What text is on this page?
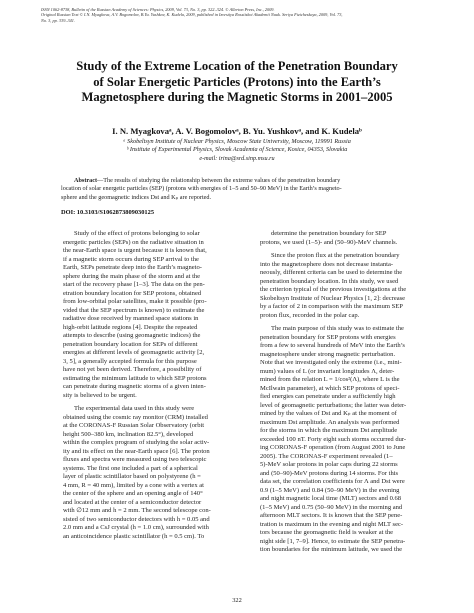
ISSN 1062-8738, Bulletin of the Russian Academy of Sciences: Physics, 2009, Vol. 73, No. 3, pp. 322–324. © Allerton Press, Inc., 2009.
Original Russian Text © I.N. Myagkova, A.V. Bogomolov, B.Yu. Yushkov, K. Kudela, 2009, published in Izvestiya Rossiiskoi Akademii Nauk. Seriya Fizicheskaya, 2009, Vol. 73,
No. 3, pp. 339–341.
Study of the Extreme Location of the Penetration Boundary
of Solar Energetic Particles (Protons) into the Earth’s
Magnetosphere during the Magnetic Storms in 2001–2005
I. N. Myagkovaᵃ, A. V. Bogomolovᵃ, B. Yu. Yushkovᵃ, and K. Kudelaᵇ
ᵃ Skobeltsyn Institute of Nuclear Physics, Moscow State University, Moscow, 119991 Russia
ᵇ Institute of Experimental Physics, Slovak Academia of Science, Kosice, 04353, Slovakia
e-mail: irina@srd.sinp.msu.ru
Abstract—The results of studying the relationship between the extreme values of the penetration boundary
location of solar energetic particles (SEP) (protons with energies of 1–5 and 50–90 MeV) in the Earth’s magneto-
sphere and the geomagnetic indices Dst and Kₚ are reported.
DOI: 10.3103/S1062873809030125
Study of the effect of protons belonging to solar
energetic particles (SEPs) on the radiative situation in
the near-Earth space is urgent because it is known that,
if a magnetic storm occurs during SEP arrival to the
Earth, SEPs penetrate deep into the Earth’s magneto-
sphere during the main phase of the storm and at the
start of the recovery phase [1–3]. The data on the pen-
etration boundary location for SEP protons, obtained
from low-orbital polar satellites, make it possible (pro-
vided that the SEP spectrum is known) to estimate the
radiative dose received by manned space stations in
high-orbit latitude regions [4]. Despite the repeated
attempts to describe (using geomagnetic indices) the
penetration boundary location for SEPs of different
energies at different levels of geomagnetic activity [2,
3, 5], a generally accepted formula for this purpose
have not yet been derived. Therefore, a possibility of
estimating the minimum latitude to which SEP protons
can penetrate during magnetic storms of a given inten-
sity is believed to be urgent.
The experimental data used in this study were
obtained using the cosmic ray monitor (CRM) installed
at the CORONAS-F Russian Solar Observatory (orbit
height 500–380 km, inclination 82.5°), developed
within the complex program of studying the solar activ-
ity and its effect on the near-Earth space [6]. The proton
fluxes and spectra were measured using two telescopic
systems. The first one included a part of a spherical
layer of plastic scintillator based on polystyrene (h =
4 mm, R = 40 mm), limited by a cone with a vertex at
the center of the sphere and an opening angle of 140°
and located at the center of a semiconductor detector
with ∅12 mm and h = 2 mm. The second telescope con-
sisted of two semiconductor detectors with h = 0.05 and
2.0 mm and a CsJ crystal (h = 1.0 cm), surrounded with
an anticoincidence plastic scintillator (h = 0.5 cm). To
determine the penetration boundary for SEP
protons, we used (1–5)- and (50–90)-MeV channels.
Since the proton flux at the penetration boundary
into the magnetosphere does not decrease instanta-
neously, different criteria can be used to determine the
penetration boundary location. In this study, we used
the criterion typical of the previous investigations at the
Skobeltsyn Institute of Nuclear Physics [1, 2]: decrease
by a factor of 2 in comparison with the maximum SEP
proton flux, recorded in the polar cap.
The main purpose of this study was to estimate the
penetration boundary for SEP protons with energies
from a few to several hundreds of MeV into the Earth’s
magnetosphere under strong magnetic perturbation.
Note that we investigated only the extreme (i.e., mini-
mum) values of L (or invariant longitudes Λ, deter-
mined from the relation L = 1/cos²(Λ), where L is the
McIlwain parameter), at which SEP protons of speci-
fied energies can penetrate under a sufficiently high
level of geomagnetic perturbations; the latter was deter-
mined by the values of Dst and Kₚ at the moment of
maximum Dst amplitude. An analysis was performed
for the storms in which the maximum Dst amplitude
exceeded 100 nT. Forty eight such storms occurred dur-
ing CORONAS-F operation (from August 2001 to June
2005). The CORONAS-F experiment revealed (1–
5)-MeV solar protons in polar caps during 22 storms
and (50–90)-MeV protons during 14 storms. For this
data set, the correlation coefficients for Λ and Dst were
0.9 (1–5 MeV) and 0.84 (50–90 MeV) in the evening
and night magnetic local time (MLT) sectors and 0.68
(1–5 MeV) and 0.75 (50–90 MeV) in the morning and
afternoon MLT sectors. It is known that the SEP pene-
tration is maximum in the evening and night MLT sec-
tors because the geomagnetic field is weaker at the
night side [1, 7–9]. Hence, to estimate the SEP penetra-
tion boundaries for the minimum latitude, we used the
322
